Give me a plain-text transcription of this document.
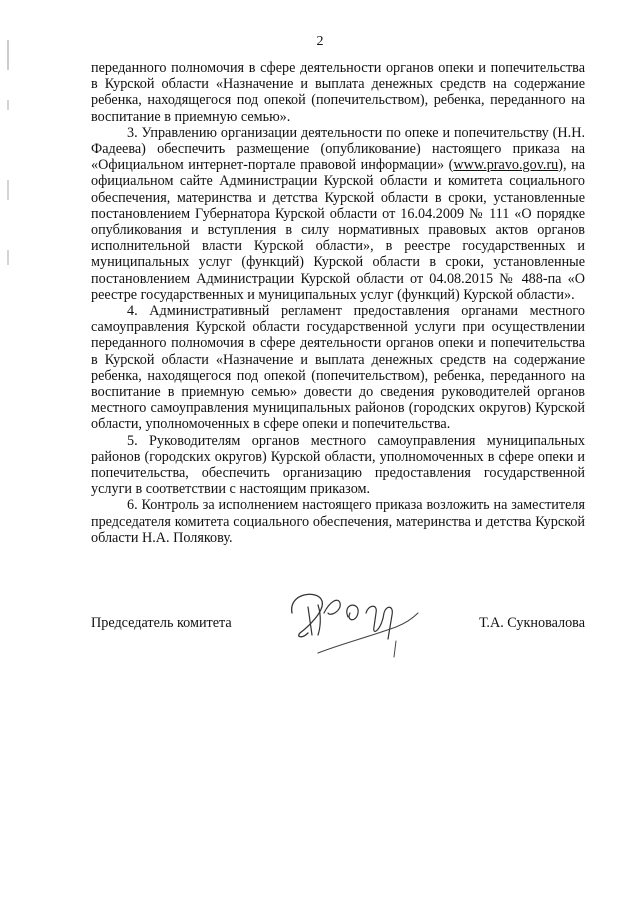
2

переданного полномочия в сфере деятельности органов опеки и попечительства в Курской области «Назначение и выплата денежных средств на содержание ребенка, находящегося под опекой (попечительством), ребенка, переданного на воспитание в приемную семью».

3. Управлению организации деятельности по опеке и попечительству (Н.Н. Фадеева) обеспечить размещение (опубликование) настоящего приказа на «Официальном интернет-портале правовой информации» (www.pravo.gov.ru), на официальном сайте Администрации Курской области и комитета социального обеспечения, материнства и детства Курской области в сроки, установленные постановлением Губернатора Курской области от 16.04.2009 № 111 «О порядке опубликования и вступления в силу нормативных правовых актов органов исполнительной власти Курской области», в реестре государственных и муниципальных услуг (функций) Курской области в сроки, установленные постановлением Администрации Курской области от 04.08.2015 № 488-па «О реестре государственных и муниципальных услуг (функций) Курской области».

4. Административный регламент предоставления органами местного самоуправления Курской области государственной услуги при осуществлении переданного полномочия в сфере деятельности органов опеки и попечительства в Курской области «Назначение и выплата денежных средств на содержание ребенка, находящегося под опекой (попечительством), ребенка, переданного на воспитание в приемную семью» довести до сведения руководителей органов местного самоуправления муниципальных районов (городских округов) Курской области, уполномоченных в сфере опеки и попечительства.

5. Руководителям органов местного самоуправления муниципальных районов (городских округов) Курской области, уполномоченных в сфере опеки и попечительства, обеспечить организацию предоставления государственной услуги в соответствии с настоящим приказом.

6. Контроль за исполнением настоящего приказа возложить на заместителя председателя комитета социального обеспечения, материнства и детства Курской области Н.А. Полякову.

Председатель комитета	Т.А. Сукновалова
